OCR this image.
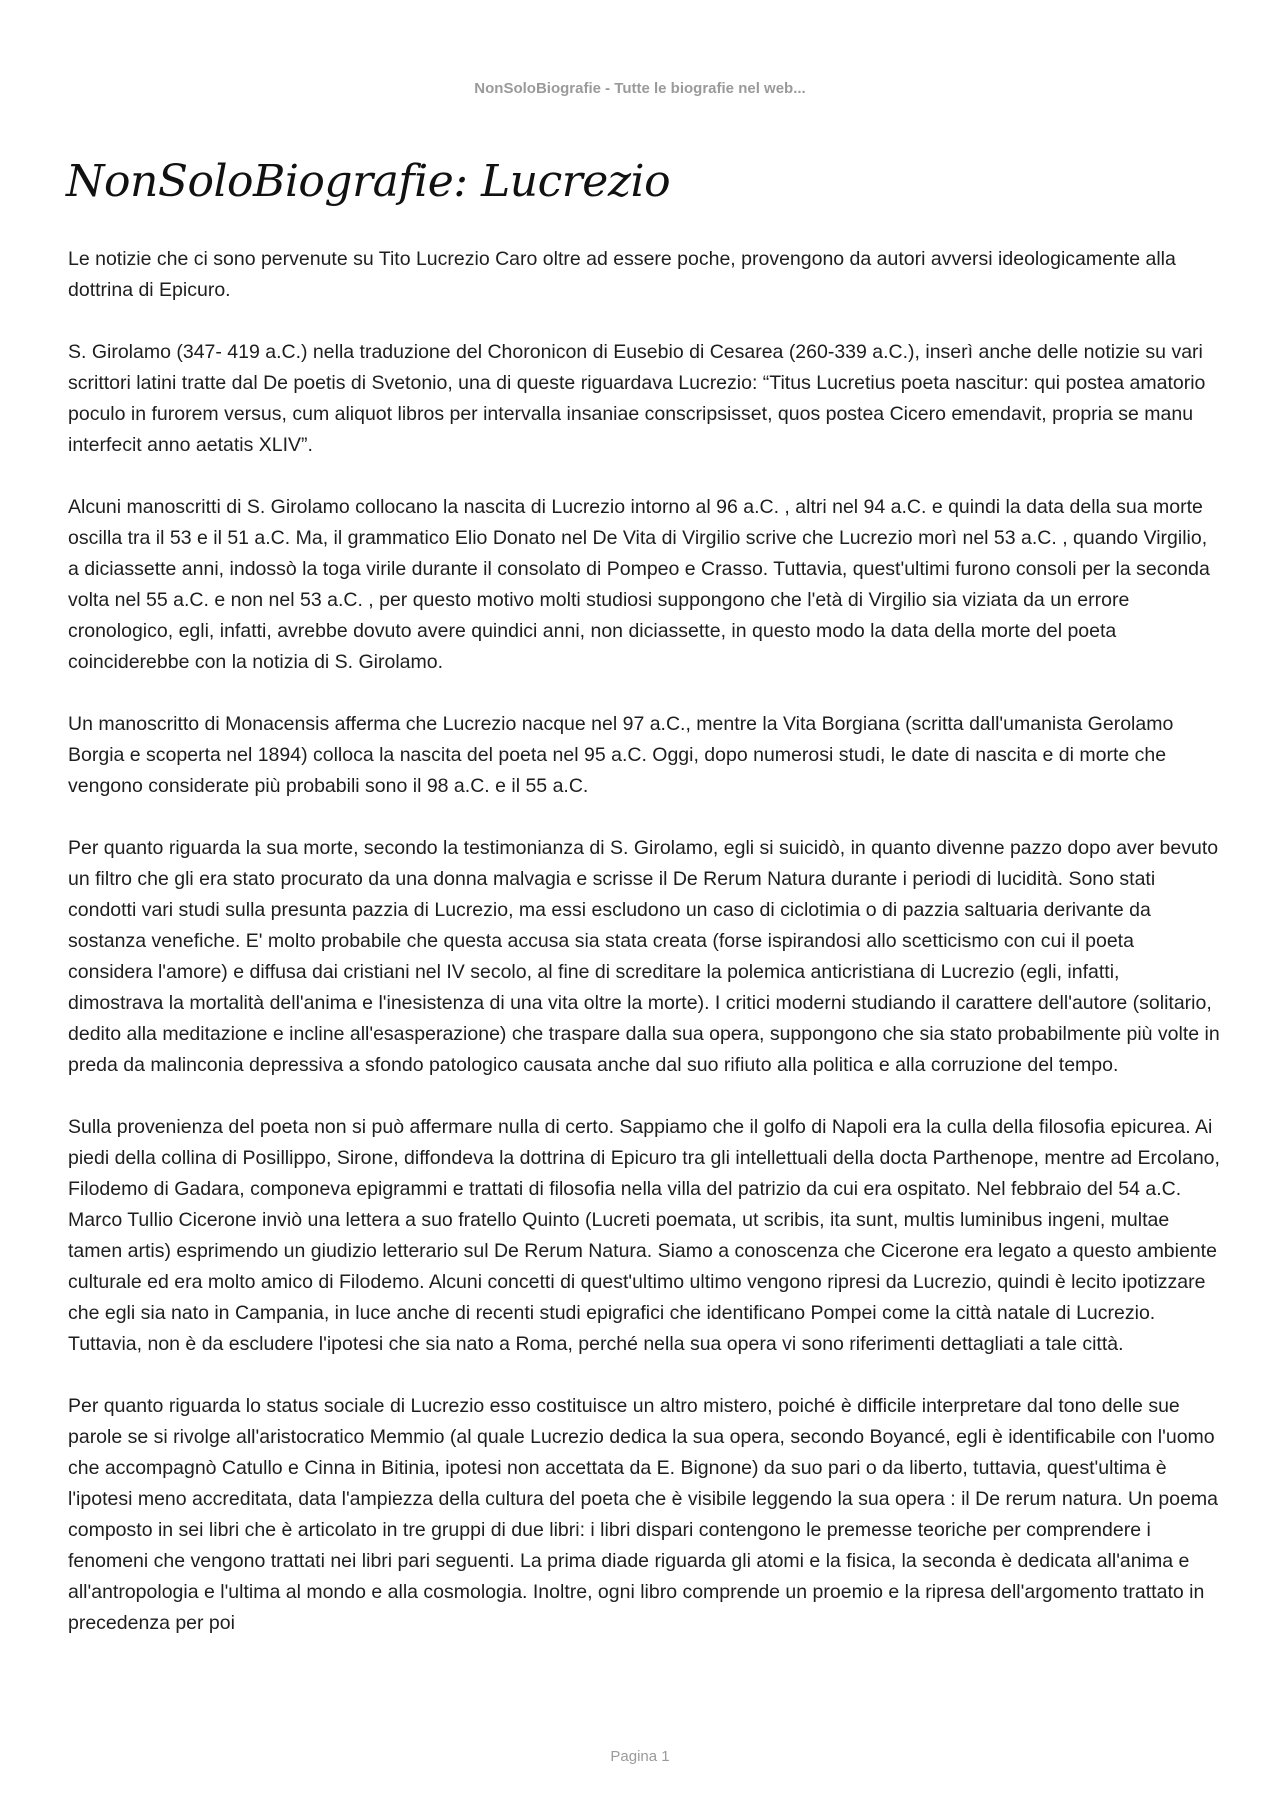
NonSoloBiografie - Tutte le biografie nel web...
NonSoloBiografie: Lucrezio

Le notizie che ci sono pervenute su Tito Lucrezio Caro oltre ad essere poche, provengono da autori avversi ideologicamente alla dottrina di Epicuro.

S. Girolamo (347- 419 a.C.) nella traduzione del Choronicon di Eusebio di Cesarea (260-339 a.C.), inserì anche delle notizie su vari scrittori latini tratte dal De poetis di Svetonio, una di queste riguardava Lucrezio: “Titus Lucretius poeta nascitur: qui postea amatorio poculo in furorem versus, cum aliquot libros per intervalla insaniae conscripsisset, quos postea Cicero emendavit, propria se manu interfecit anno aetatis XLIV”.

Alcuni manoscritti di S. Girolamo collocano la nascita di Lucrezio intorno al 96 a.C. , altri nel 94 a.C. e quindi la data della sua morte oscilla tra il 53 e il 51 a.C. Ma, il grammatico Elio Donato nel De Vita di Virgilio scrive che Lucrezio morì nel 53 a.C. , quando Virgilio, a diciassette anni, indossò la toga virile durante il consolato di Pompeo e Crasso. Tuttavia, quest'ultimi furono consoli per la seconda volta nel 55 a.C. e non nel 53 a.C. , per questo motivo molti studiosi suppongono che l'età di Virgilio sia viziata da un errore cronologico, egli, infatti, avrebbe dovuto avere quindici anni, non diciassette, in questo modo la data della morte del poeta coinciderebbe con la notizia di S. Girolamo.

Un manoscritto di Monacensis afferma che Lucrezio nacque nel 97 a.C., mentre la Vita Borgiana (scritta dall'umanista Gerolamo Borgia e scoperta nel 1894) colloca la nascita del poeta nel 95 a.C. Oggi, dopo numerosi studi, le date di nascita e di morte che vengono considerate più probabili sono il 98 a.C. e il 55 a.C.

Per quanto riguarda la sua morte, secondo la testimonianza di S. Girolamo, egli si suicidò, in quanto divenne pazzo dopo aver bevuto un filtro che gli era stato procurato da una donna malvagia e scrisse il De Rerum Natura durante i periodi di lucidità. Sono stati condotti vari studi sulla presunta pazzia di Lucrezio, ma essi escludono un caso di ciclotimia o di pazzia saltuaria derivante da sostanza venefiche. E' molto probabile che questa accusa sia stata creata (forse ispirandosi allo scetticismo con cui il poeta considera l'amore) e diffusa dai cristiani nel IV secolo, al fine di screditare la polemica anticristiana di Lucrezio (egli, infatti, dimostrava la mortalità dell'anima e l'inesistenza di una vita oltre la morte). I critici moderni studiando il carattere dell'autore (solitario, dedito alla meditazione e incline all'esasperazione) che traspare dalla sua opera, suppongono che sia stato probabilmente più volte in preda da malinconia depressiva a sfondo patologico causata anche dal suo rifiuto alla politica e alla corruzione del tempo.

Sulla provenienza del poeta non si può affermare nulla di certo. Sappiamo che il golfo di Napoli era la culla della filosofia epicurea. Ai piedi della collina di Posillippo, Sirone, diffondeva la dottrina di Epicuro tra gli intellettuali della docta Parthenope, mentre ad Ercolano, Filodemo di Gadara, componeva epigrammi e trattati di filosofia nella villa del patrizio da cui era ospitato. Nel febbraio del 54 a.C. Marco Tullio Cicerone inviò una lettera a suo fratello Quinto (Lucreti poemata, ut scribis, ita sunt, multis luminibus ingeni, multae tamen artis) esprimendo un giudizio letterario sul De Rerum Natura. Siamo a conoscenza che Cicerone era legato a questo ambiente culturale ed era molto amico di Filodemo. Alcuni concetti di quest'ultimo ultimo vengono ripresi da Lucrezio, quindi è lecito ipotizzare che egli sia nato in Campania, in luce anche di recenti studi epigrafici che identificano Pompei come la città natale di Lucrezio. Tuttavia, non è da escludere l'ipotesi che sia nato a Roma, perché nella sua opera vi sono riferimenti dettagliati a tale città.

Per quanto riguarda lo status sociale di Lucrezio esso costituisce un altro mistero, poiché è difficile interpretare dal tono delle sue parole se si rivolge all'aristocratico Memmio (al quale Lucrezio dedica la sua opera, secondo Boyancé, egli è identificabile con l'uomo che accompagnò Catullo e Cinna in Bitinia, ipotesi non accettata da E. Bignone) da suo pari o da liberto, tuttavia, quest'ultima è l'ipotesi meno accreditata, data l'ampiezza della cultura del poeta che è visibile leggendo la sua opera : il De rerum natura. Un poema composto in sei libri che è articolato in tre gruppi di due libri: i libri dispari contengono le premesse teoriche per comprendere i fenomeni che vengono trattati nei libri pari seguenti. La prima diade riguarda gli atomi e la fisica, la seconda è dedicata all'anima e all'antropologia e l'ultima al mondo e alla cosmologia. Inoltre, ogni libro comprende un proemio e la ripresa dell'argomento trattato in precedenza per poi

Pagina 1
